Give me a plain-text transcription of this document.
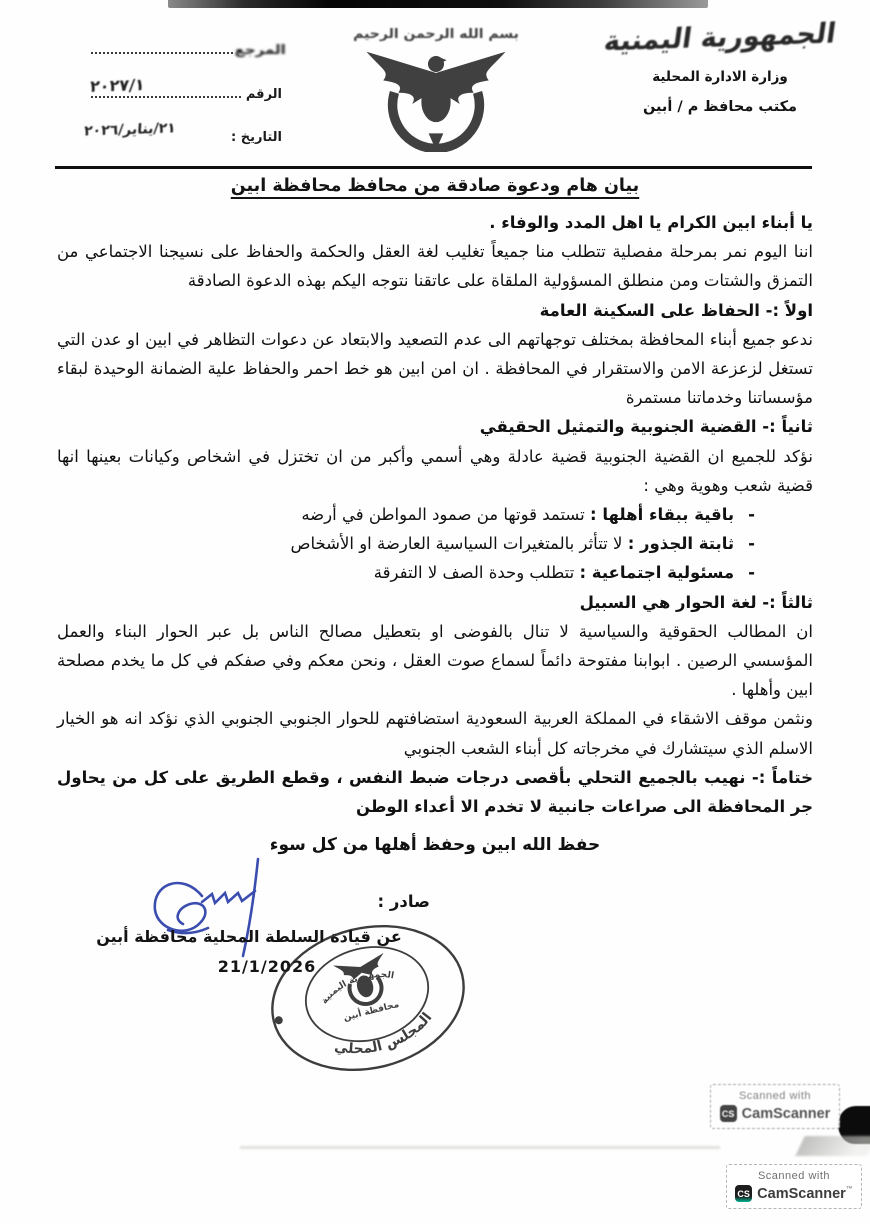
المرجع
الرقم
٢٠٢٧/١
التاريخ :
٢١/يناير/٢٠٢٦
بسم الله الرحمن الرحيم	الجمهورية اليمنية
وزارة الادارة المحلية
مكتب محافظ م / أبين
بيان هام ودعوة صادقة من محافظ محافظة ابين

يا أبناء ابين الكرام يا اهل المدد والوفاء .

اننا اليوم نمر بمرحلة مفصلية تتطلب منا جميعاً تغليب لغة العقل والحكمة والحفاظ على نسيجنا الاجتماعي من التمزق والشتات ومن منطلق المسؤولية الملقاة على عاتقنا نتوجه اليكم بهذه الدعوة الصادقة

اولاً :- الحفاظ على السكينة العامة

ندعو جميع أبناء المحافظة بمختلف توجهاتهم الى عدم التصعيد والابتعاد عن دعوات التظاهر في ابين او عدن التي تستغل لزعزعة الامن والاستقرار في المحافظة . ان امن ابين هو خط احمر والحفاظ علية الضمانة الوحيدة لبقاء مؤسساتنا وخدماتنا مستمرة

ثانياً :- القضية الجنوبية والتمثيل الحقيقي

نؤكد للجميع ان القضية الجنوبية قضية عادلة وهي أسمي وأكبر من ان تختزل في اشخاص وكيانات بعينها انها قضية شعب وهوية وهي :

- باقية ببقاء أهلها : تستمد قوتها من صمود المواطن في أرضه
- ثابتة الجذور : لا تتأثر بالمتغيرات السياسية العارضة او الأشخاص
- مسئولية اجتماعية : تتطلب وحدة الصف لا التفرقة

ثالثاً :- لغة الحوار هي السبيل

ان المطالب الحقوقية والسياسية لا تنال بالفوضى او بتعطيل مصالح الناس بل عبر الحوار البناء والعمل المؤسسي الرصين . ابوابنا مفتوحة دائماً لسماع صوت العقل ، ونحن معكم وفي صفكم في كل ما يخدم مصلحة ابين وأهلها .

ونثمن موقف الاشقاء في المملكة العربية السعودية استضافتهم للحوار الجنوبي الجنوبي الذي نؤكد انه هو الخيار الاسلم الذي سيتشارك في مخرجاته كل أبناء الشعب الجنوبي

ختاماً :- نهيب بالجميع التحلي بأقصى درجات ضبط النفس ، وقطع الطريق على كل من يحاول جر المحافظة الى صراعات جانبية لا تخدم الا أعداء الوطن

حفظ الله ابين وحفظ أهلها من كل سوء

صادر :
عن قيادة السلطة المحلية محافظة أبين
21/1/2026
الجمهورية اليمنية
محافظة أبين
المجلس المحلي
Scanned with
CS CamScanner
Scanned with
CS CamScanner™
